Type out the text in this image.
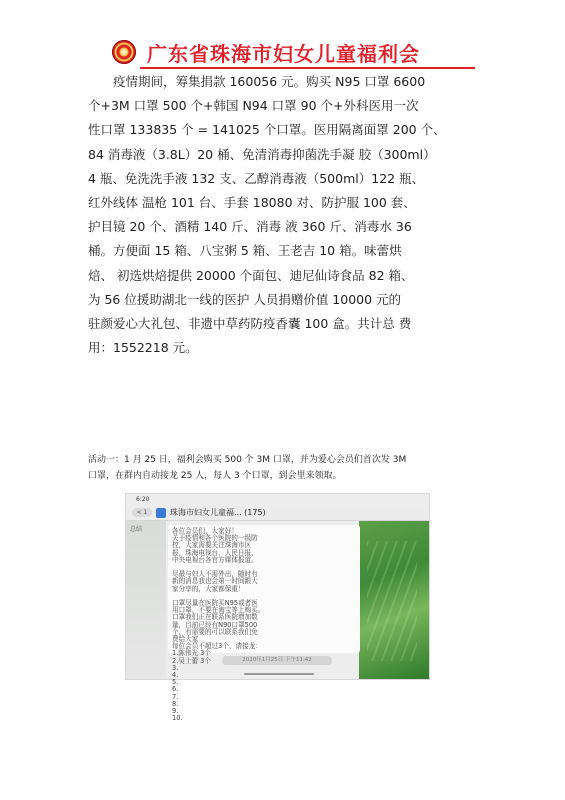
广东省珠海市妇女儿童福利会
　　疫情期间，筹集捐款 160056 元。购买 N95 口罩 6600
个+3M 口罩 500 个+韩国 N94 口罩 90 个+外科医用一次
性口罩 133835 个 = 141025 个口罩。医用隔离面罩 200 个、
84 消毒液（3.8L）20 桶、免清消毒抑菌洗手凝 胶（300ml）
4 瓶、免洗洗手液 132 支、乙醇消毒液（500ml）122 瓶、
红外线体 温枪 101 台、手套 18080 对、防护服 100 套、
护目镜 20 个、酒精 140 斤、消毒 液 360 斤、消毒水 36
桶。方便面 15 箱、八宝粥 5 箱、王老吉 10 箱。味蕾烘
焙、 初选烘焙提供 20000 个面包、迪尼仙诗食品 82 箱、
为 56 位援助湖北一线的医护 人员捐赠价值 10000 元的
驻颜爱心大礼包、非遗中草药防疫香囊 100 盒。共计总 费
用：1552218 元。
活动一：1 月 25 日，福利会购买 500 个 3M 口罩，并为爱心会员们首次发 3M
口罩，在群内自动接龙 25 人，每人 3 个口罩，到会里来领取。
6:20
< 1	珠海市妇女儿童福... (175)
总结	各位会员们，大家好！
关于疫情和各个医院的一级防
控，大家需要关注珠海市区
报，珠海电视台，人民日报，
中央电视台各官方媒体报道。

尽最与妇人不需外出，随时有
新的消息我也会第一时间跟大
家分享的，大家都保重！

口罩尽量在医院买N95或者医
用口罩，不要在淘宝等上购买。
口罩我们正在联系医院增加数
量，目前已经有N90口罩500
个，有需要的可以联系我们免
费给大家
每位会员不超过3个，请接龙：
1.陈伟光 3个
2.吴士蕾 3个
3.
4.
5.
6.
7.
8.
9.
10.
2020年1月25日 下午11:42
